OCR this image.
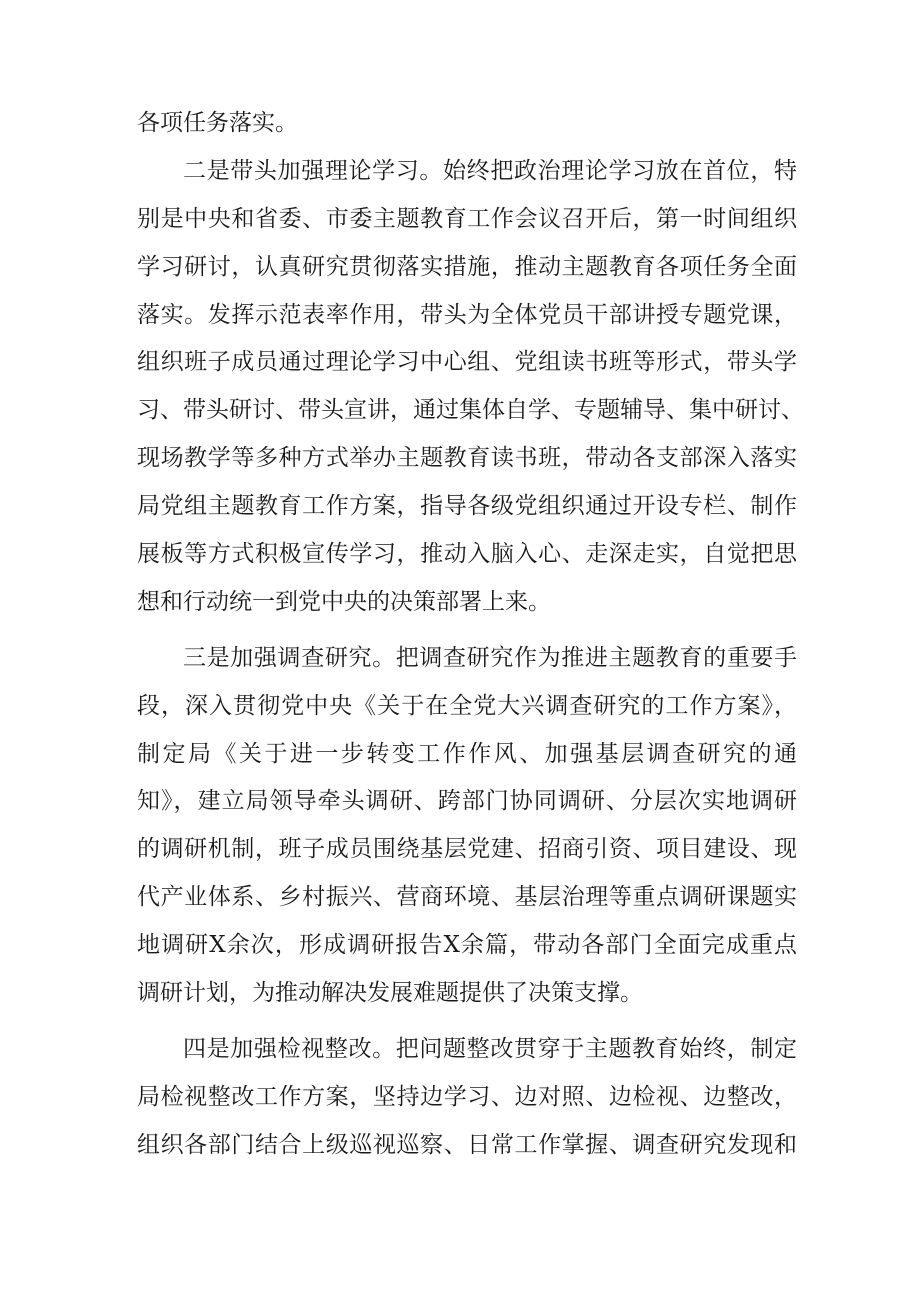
各项任务落实。
二是带头加强理论学习。始终把政治理论学习放在首位，特
别是中央和省委、市委主题教育工作会议召开后，第一时间组织
学习研讨，认真研究贯彻落实措施，推动主题教育各项任务全面
落实。发挥示范表率作用，带头为全体党员干部讲授专题党课，
组织班子成员通过理论学习中心组、党组读书班等形式，带头学
习、带头研讨、带头宣讲，通过集体自学、专题辅导、集中研讨、
现场教学等多种方式举办主题教育读书班，带动各支部深入落实
局党组主题教育工作方案，指导各级党组织通过开设专栏、制作
展板等方式积极宣传学习，推动入脑入心、走深走实，自觉把思
想和行动统一到党中央的决策部署上来。
三是加强调查研究。把调查研究作为推进主题教育的重要手
段，深入贯彻党中央《关于在全党大兴调查研究的工作方案》，
制定局《关于进一步转变工作作风、加强基层调查研究的通
知》，建立局领导牵头调研、跨部门协同调研、分层次实地调研
的调研机制，班子成员围绕基层党建、招商引资、项目建设、现
代产业体系、乡村振兴、营商环境、基层治理等重点调研课题实
地调研X余次，形成调研报告X余篇，带动各部门全面完成重点
调研计划，为推动解决发展难题提供了决策支撑。
四是加强检视整改。把问题整改贯穿于主题教育始终，制定
局检视整改工作方案，坚持边学习、边对照、边检视、边整改，
组织各部门结合上级巡视巡察、日常工作掌握、调查研究发现和
